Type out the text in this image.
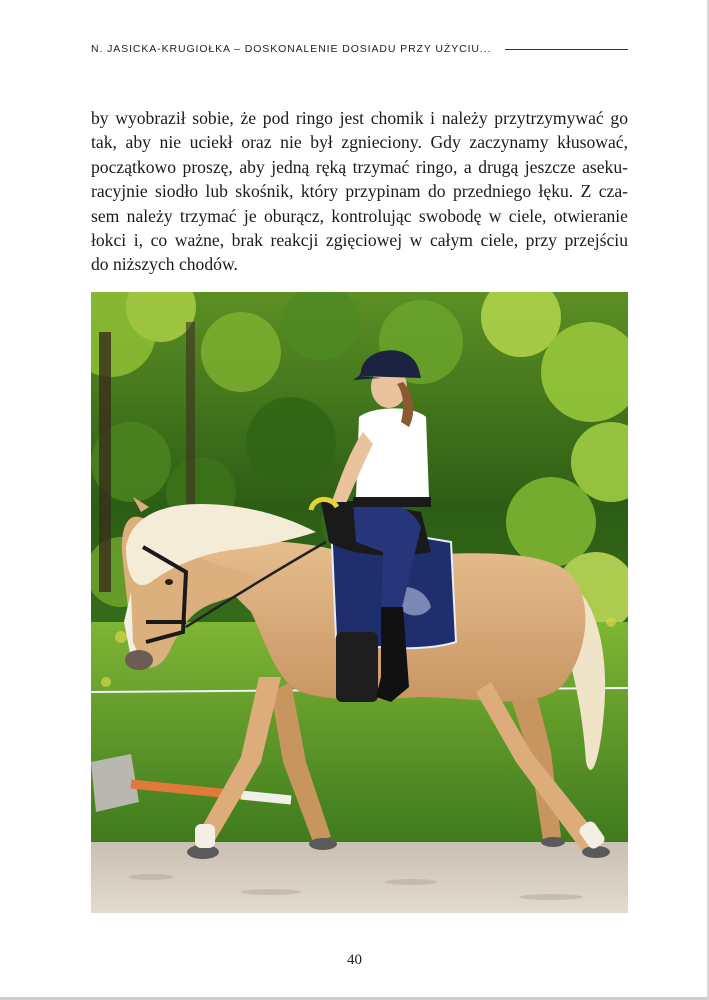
N. JASICKA-KRUGIOŁKA – DOSKONALENIE DOSIADU PRZY UŻYCIU...
by wyobraził sobie, że pod ringo jest chomik i należy przytrzymywać go
tak, aby nie uciekł oraz nie był zgnieciony. Gdy zaczynamy kłusować,
początkowo proszę, aby jedną ręką trzymać ringo, a drugą jeszcze aseku-
racyjnie siodło lub skośnik, który przypinam do przedniego łęku. Z cza-
sem należy trzymać je oburącz, kontrolując swobodę w ciele, otwieranie
łokci i, co ważne, brak reakcji zgięciowej w całym ciele, przy przejściu
do niższych chodów.
40
